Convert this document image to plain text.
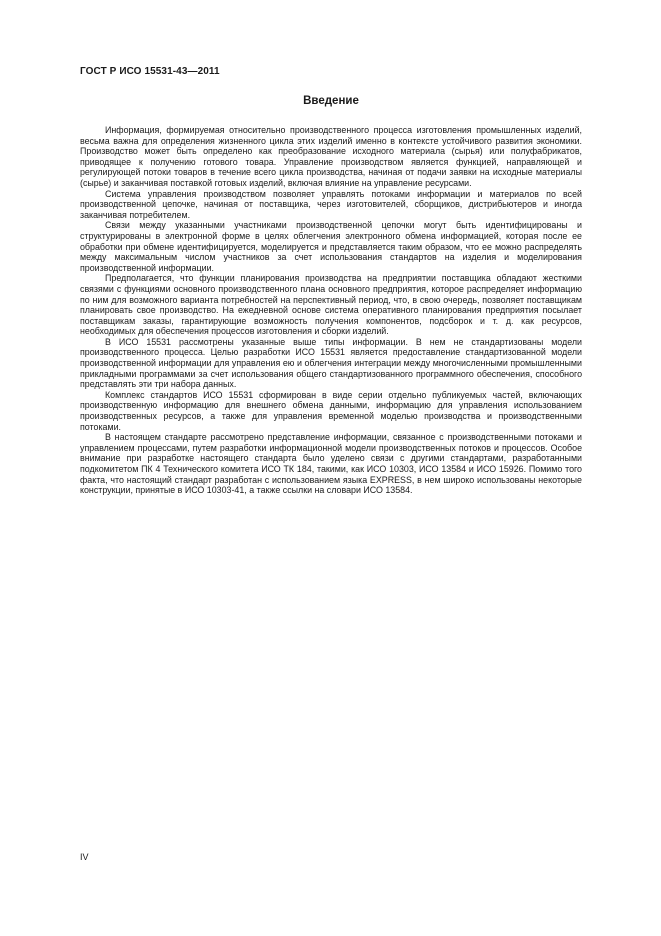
ГОСТ Р ИСО 15531-43—2011
Введение

Информация, формируемая относительно производственного процесса изготовления промышленных изделий, весьма важна для определения жизненного цикла этих изделий именно в контексте устойчивого развития экономики. Производство может быть определено как преобразование исходного материала (сырья) или полуфабрикатов, приводящее к получению готового товара. Управление производством является функцией, направляющей и регулирующей потоки товаров в течение всего цикла производства, начиная от подачи заявки на исходные материалы (сырье) и заканчивая поставкой готовых изделий, включая влияние на управление ресурсами.

Система управления производством позволяет управлять потоками информации и материалов по всей производственной цепочке, начиная от поставщика, через изготовителей, сборщиков, дистрибьютеров и иногда заканчивая потребителем.

Связи между указанными участниками производственной цепочки могут быть идентифицированы и структурированы в электронной форме в целях облегчения электронного обмена информацией, которая после ее обработки при обмене идентифицируется, моделируется и представляется таким образом, что ее можно распределять между максимальным числом участников за счет использования стандартов на изделия и моделирования производственной информации.

Предполагается, что функции планирования производства на предприятии поставщика обладают жесткими связями с функциями основного производственного плана основного предприятия, которое распределяет информацию по ним для возможного варианта потребностей на перспективный период, что, в свою очередь, позволяет поставщикам планировать свое производство. На ежедневной основе система оперативного планирования предприятия посылает поставщикам заказы, гарантирующие возможность получения компонентов, подсборок и т. д. как ресурсов, необходимых для обеспечения процессов изготовления и сборки изделий.

В ИСО 15531 рассмотрены указанные выше типы информации. В нем не стандартизованы модели производственного процесса. Целью разработки ИСО 15531 является предоставление стандартизованной модели производственной информации для управления ею и облегчения интеграции между многочисленными промышленными прикладными программами за счет использования общего стандартизованного программного обеспечения, способного представлять эти три набора данных.

Комплекс стандартов ИСО 15531 сформирован в виде серии отдельно публикуемых частей, включающих производственную информацию для внешнего обмена данными, информацию для управления использованием производственных ресурсов, а также для управления временной моделью производства и производственными потоками.

В настоящем стандарте рассмотрено представление информации, связанное с производственными потоками и управлением процессами, путем разработки информационной модели производственных потоков и процессов. Особое внимание при разработке настоящего стандарта было уделено связи с другими стандартами, разработанными подкомитетом ПК 4 Технического комитета ИСО ТК 184, такими, как ИСО 10303, ИСО 13584 и ИСО 15926. Помимо того факта, что настоящий стандарт разработан с использованием языка EXPRESS, в нем широко использованы некоторые конструкции, принятые в ИСО 10303-41, а также ссылки на словари ИСО 13584.

IV
